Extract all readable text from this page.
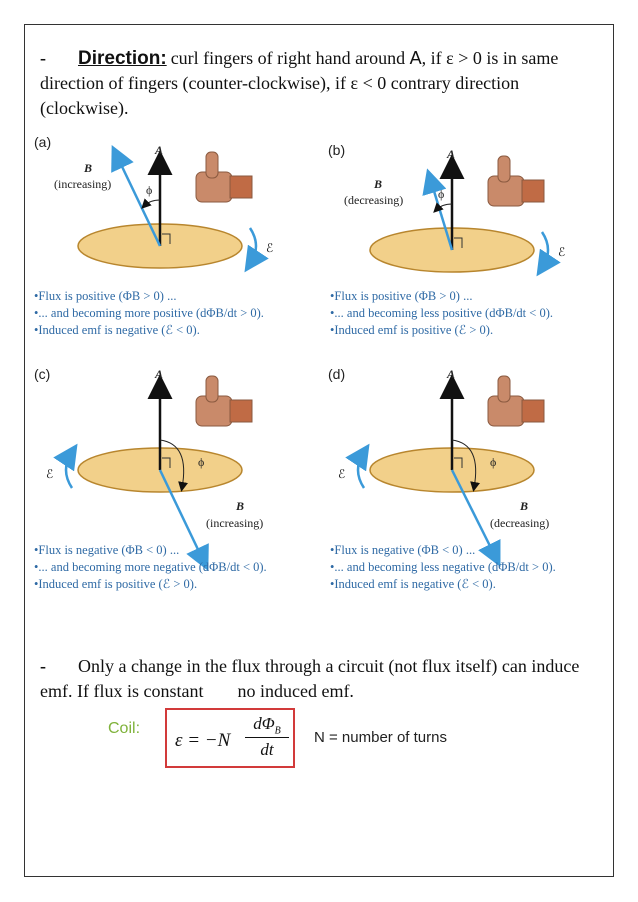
- Direction: curl fingers of right hand around A, if ε > 0 is in same direction of fingers (counter-clockwise), if ε < 0 contrary direction (clockwise).
ϕ
A⃗
B⃗
(increasing)
ℰ
ϕ
A⃗
B⃗
(decreasing)
ℰ
ϕ
A⃗
B⃗
(increasing)
ℰ
ϕ
A⃗
B⃗
(decreasing)
ℰ
(a)
• Flux is positive (ΦB > 0) ...
• ... and becoming more positive (dΦB/dt > 0).
• Induced emf is negative (ℰ < 0).
(b)
• Flux is positive (ΦB > 0) ...
• ... and becoming less positive (dΦB/dt < 0).
• Induced emf is positive (ℰ > 0).
(c)
• Flux is negative (ΦB < 0) ...
• ... and becoming more negative (dΦB/dt < 0).
• Induced emf is positive (ℰ > 0).
(d)
• Flux is negative (ΦB < 0) ...
• ... and becoming less negative (dΦB/dt > 0).
• Induced emf is negative (ℰ < 0).
- Only a change in the flux through a circuit (not flux itself) can induce emf. If flux is constant no induced emf.
Coil:
ε = −N
$d\Phi_B$
dt
N = number of turns
